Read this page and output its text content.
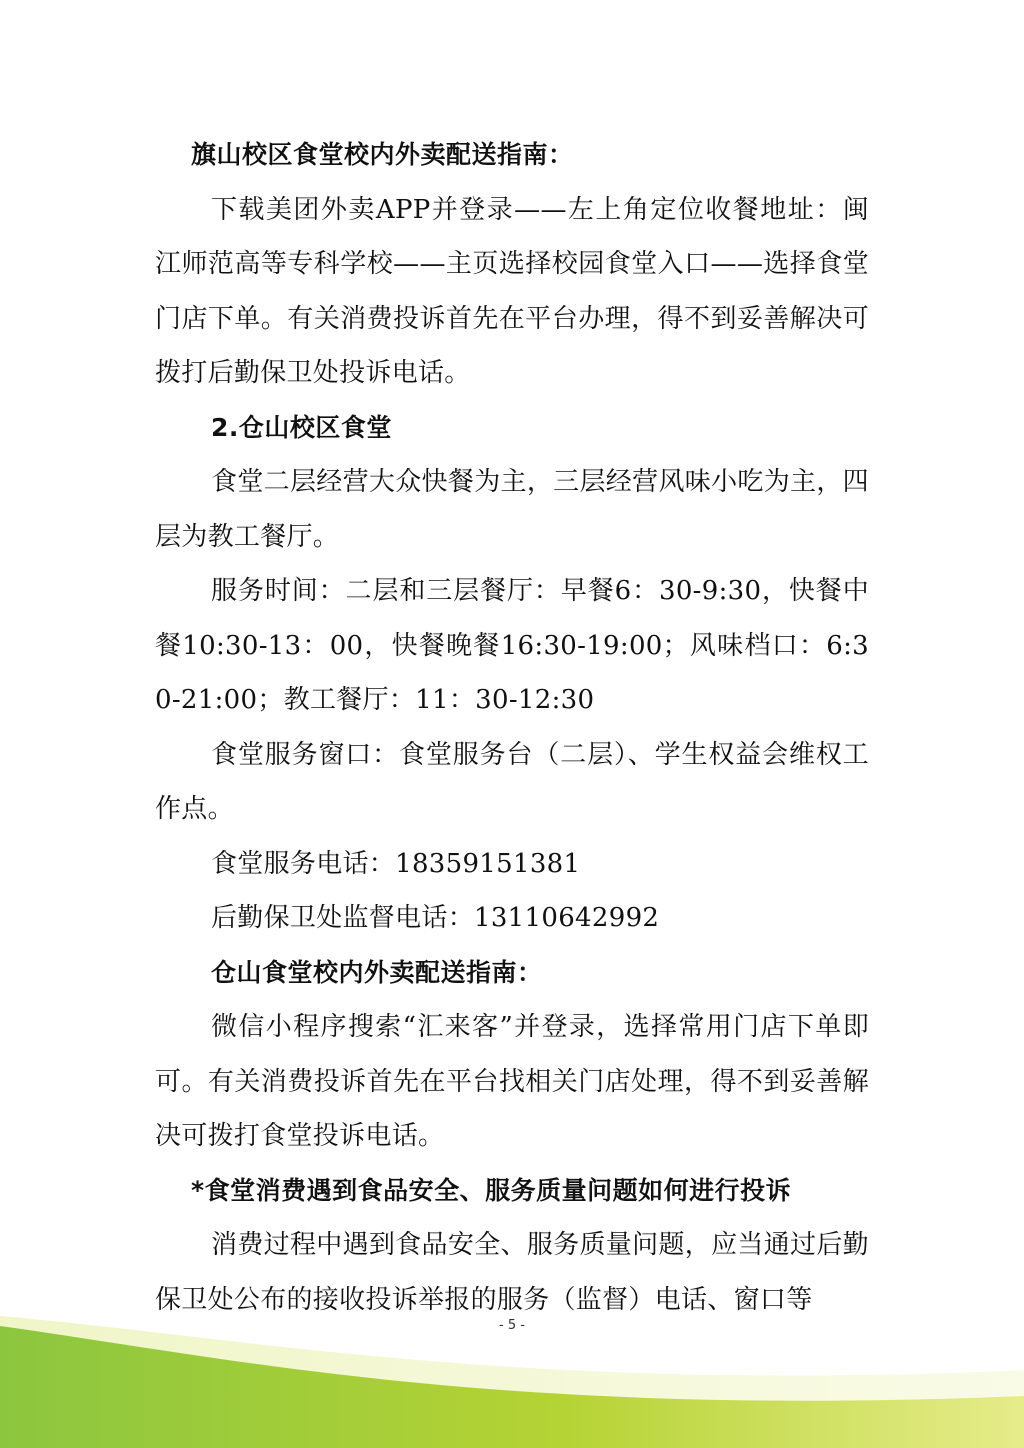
旗山校区食堂校内外卖配送指南：

下载美团外卖APP并登录——左上角定位收餐地址：闽江师范高等专科学校——主页选择校园食堂入口——选择食堂门店下单。有关消费投诉首先在平台办理，得不到妥善解决可拨打后勤保卫处投诉电话。

2.仓山校区食堂

食堂二层经营大众快餐为主，三层经营风味小吃为主，四层为教工餐厅。

服务时间：二层和三层餐厅：早餐6：30-9:30，快餐中餐10:30-13：00，快餐晚餐16:30-19:00；风味档口：6:30-21:00；教工餐厅：11：30-12:30

食堂服务窗口：食堂服务台（二层）、学生权益会维权工作点。

食堂服务电话：18359151381

后勤保卫处监督电话：13110642992

仓山食堂校内外卖配送指南：

微信小程序搜索“汇来客”并登录，选择常用门店下单即可。有关消费投诉首先在平台找相关门店处理，得不到妥善解决可拨打食堂投诉电话。

*食堂消费遇到食品安全、服务质量问题如何进行投诉

消费过程中遇到食品安全、服务质量问题，应当通过后勤保卫处公布的接收投诉举报的服务（监督）电话、窗口等

- 5 -
